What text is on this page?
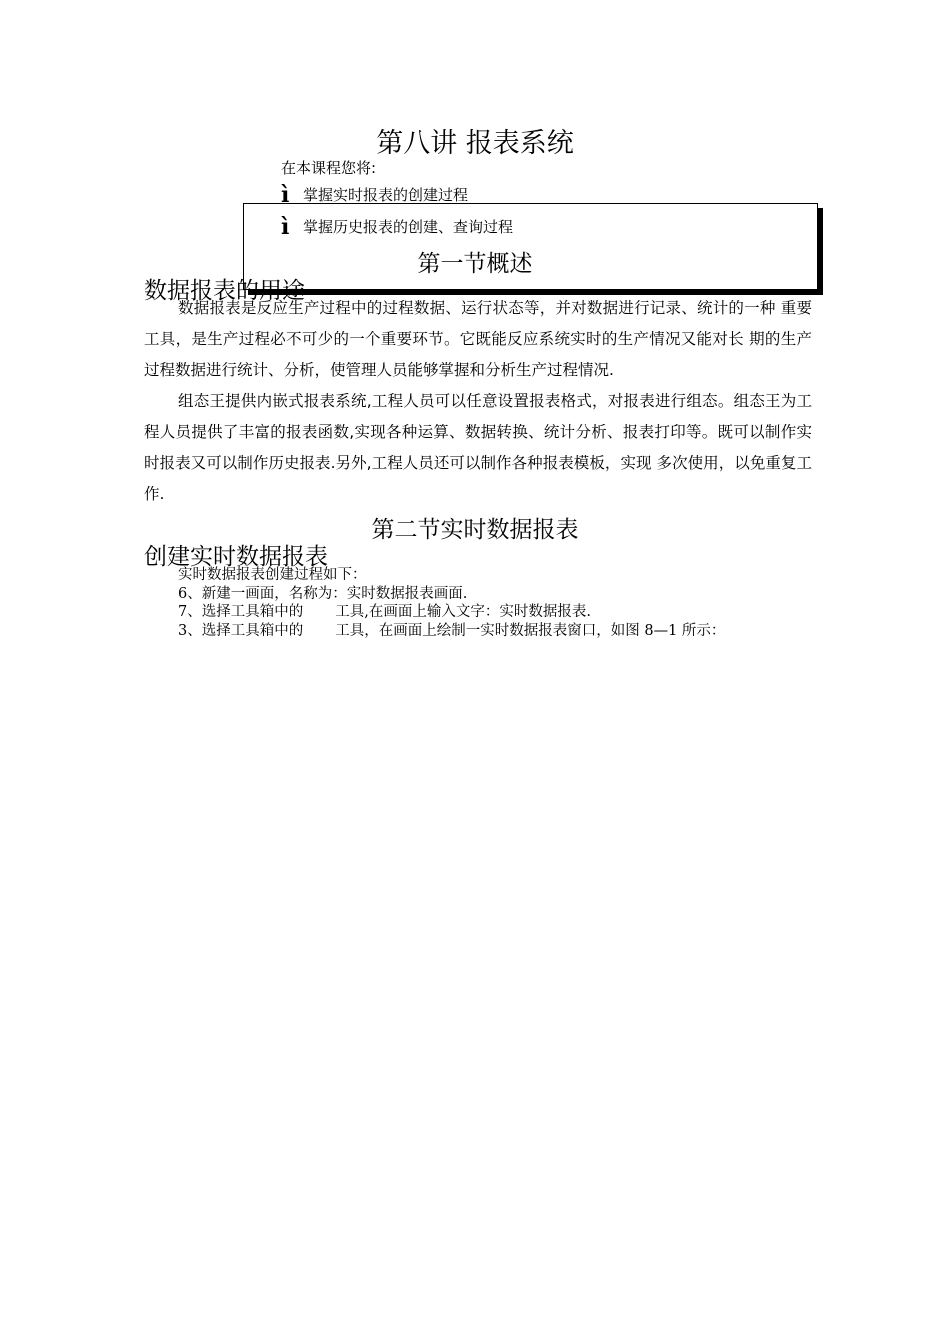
第八讲 报表系统
在本课程您将:
ì 掌握实时报表的创建过程
ì 掌握历史报表的创建、查询过程
第一节概述
数据报表的用途
数据报表是反应生产过程中的过程数据、运行状态等，并对数据进行记录、统计的一种 重要工具，是生产过程必不可少的一个重要环节。它既能反应系统实时的生产情况又能对长 期的生产过程数据进行统计、分析，使管理人员能够掌握和分析生产过程情况.
组态王提供内嵌式报表系统,工程人员可以任意设置报表格式，对报表进行组态。组态王为工程人员提供了丰富的报表函数,实现各种运算、数据转换、统计分析、报表打印等。既可以制作实时报表又可以制作历史报表.另外,工程人员还可以制作各种报表模板，实现 多次使用，以免重复工作.
第二节实时数据报表
创建实时数据报表
实时数据报表创建过程如下：
6、新建一画面，名称为：实时数据报表画面.
7、选择工具箱中的 工具,在画面上输入文字：实时数据报表.
3、选择工具箱中的 工具，在画面上绘制一实时数据报表窗口，如图 8—1 所示：
